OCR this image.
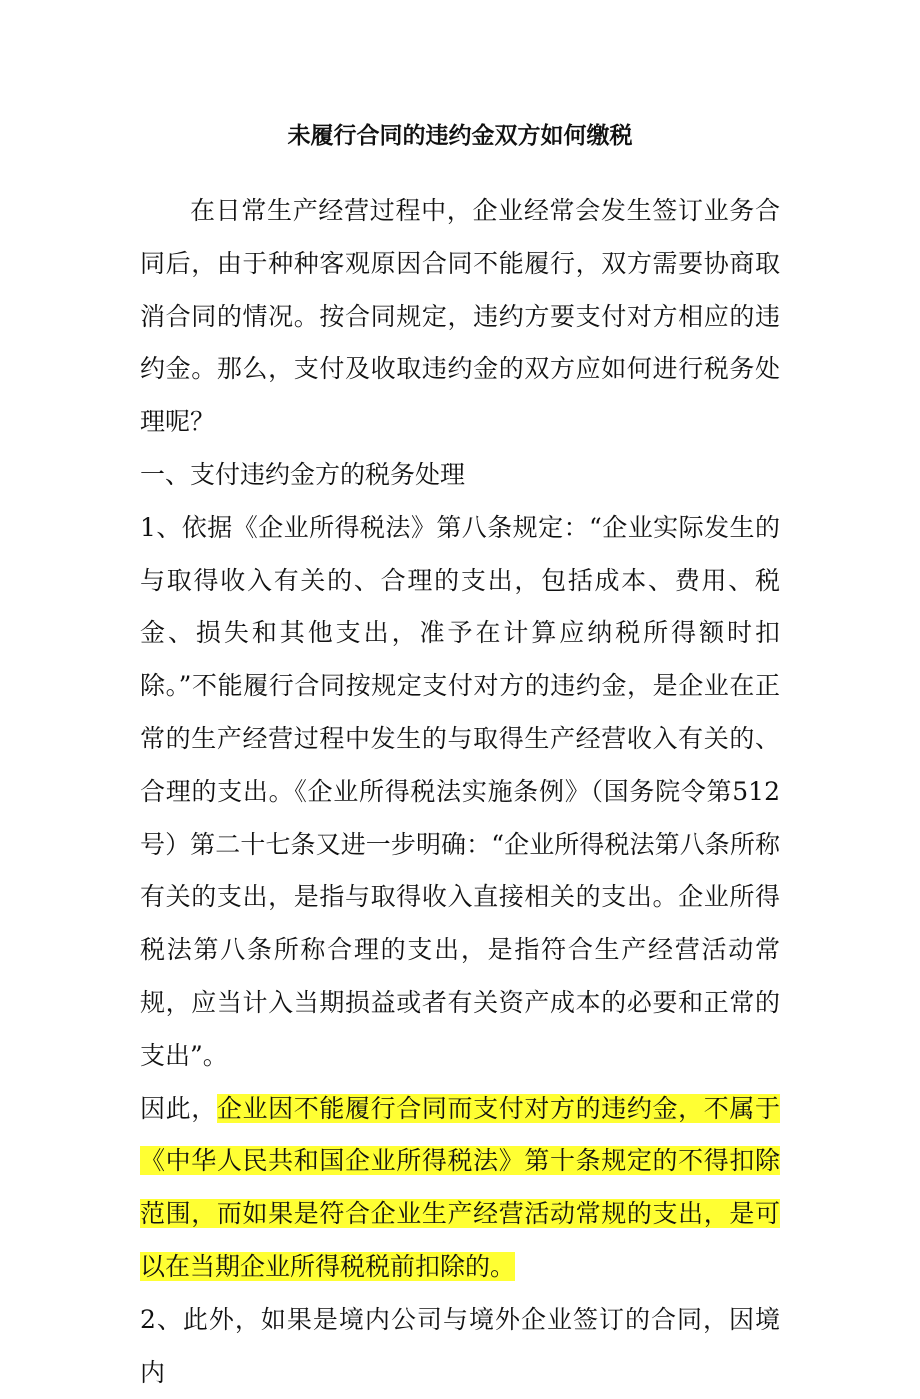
未履行合同的违约金双方如何缴税

在日常生产经营过程中，企业经常会发生签订业务合同后，由于种种客观原因合同不能履行，双方需要协商取消合同的情况。按合同规定，违约方要支付对方相应的违约金。那么，支付及收取违约金的双方应如何进行税务处理呢？

一、支付违约金方的税务处理

1、依据《企业所得税法》第八条规定：“企业实际发生的与取得收入有关的、合理的支出，包括成本、费用、税金、损失和其他支出，准予在计算应纳税所得额时扣除。”不能履行合同按规定支付对方的违约金，是企业在正常的生产经营过程中发生的与取得生产经营收入有关的、合理的支出。《企业所得税法实施条例》（国务院令第512号）第二十七条又进一步明确：“企业所得税法第八条所称有关的支出，是指与取得收入直接相关的支出。企业所得税法第八条所称合理的支出，是指符合生产经营活动常规，应当计入当期损益或者有关资产成本的必要和正常的支出”。

因此，企业因不能履行合同而支付对方的违约金，不属于《中华人民共和国企业所得税法》第十条规定的不得扣除范围，而如果是符合企业生产经营活动常规的支出，是可以在当期企业所得税税前扣除的。

2、此外，如果是境内公司与境外企业签订的合同，因境内
